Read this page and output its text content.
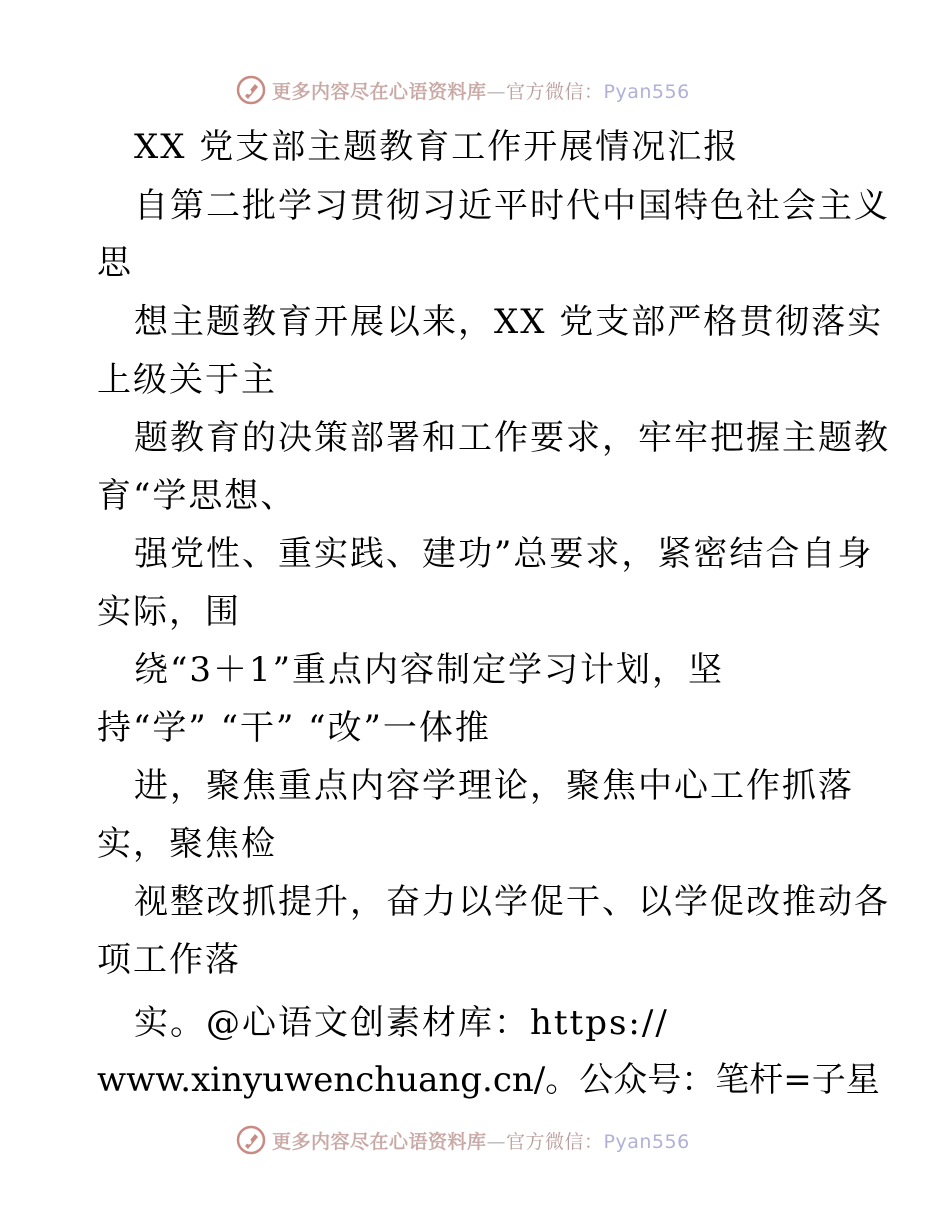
更多内容尽在心语资料库—官方微信：Pyan556
XX 党支部主题教育工作开展情况汇报
自第二批学习贯彻习近平时代中国特色社会主义
思
想主题教育开展以来，XX 党支部严格贯彻落实
上级关于主
题教育的决策部署和工作要求，牢牢把握主题教
育“学思想、
强党性、重实践、建功”总要求，紧密结合自身
实际，围
绕“3＋1”重点内容制定学习计划，坚
持“学” “干” “改”一体推
进，聚焦重点内容学理论，聚焦中心工作抓落
实，聚焦检
视整改抓提升，奋力以学促干、以学促改推动各
项工作落
实。@心语文创素材库：https://
www.xinyuwenchuang.cn/。公众号：笔杆=子星
更多内容尽在心语资料库—官方微信：Pyan556
